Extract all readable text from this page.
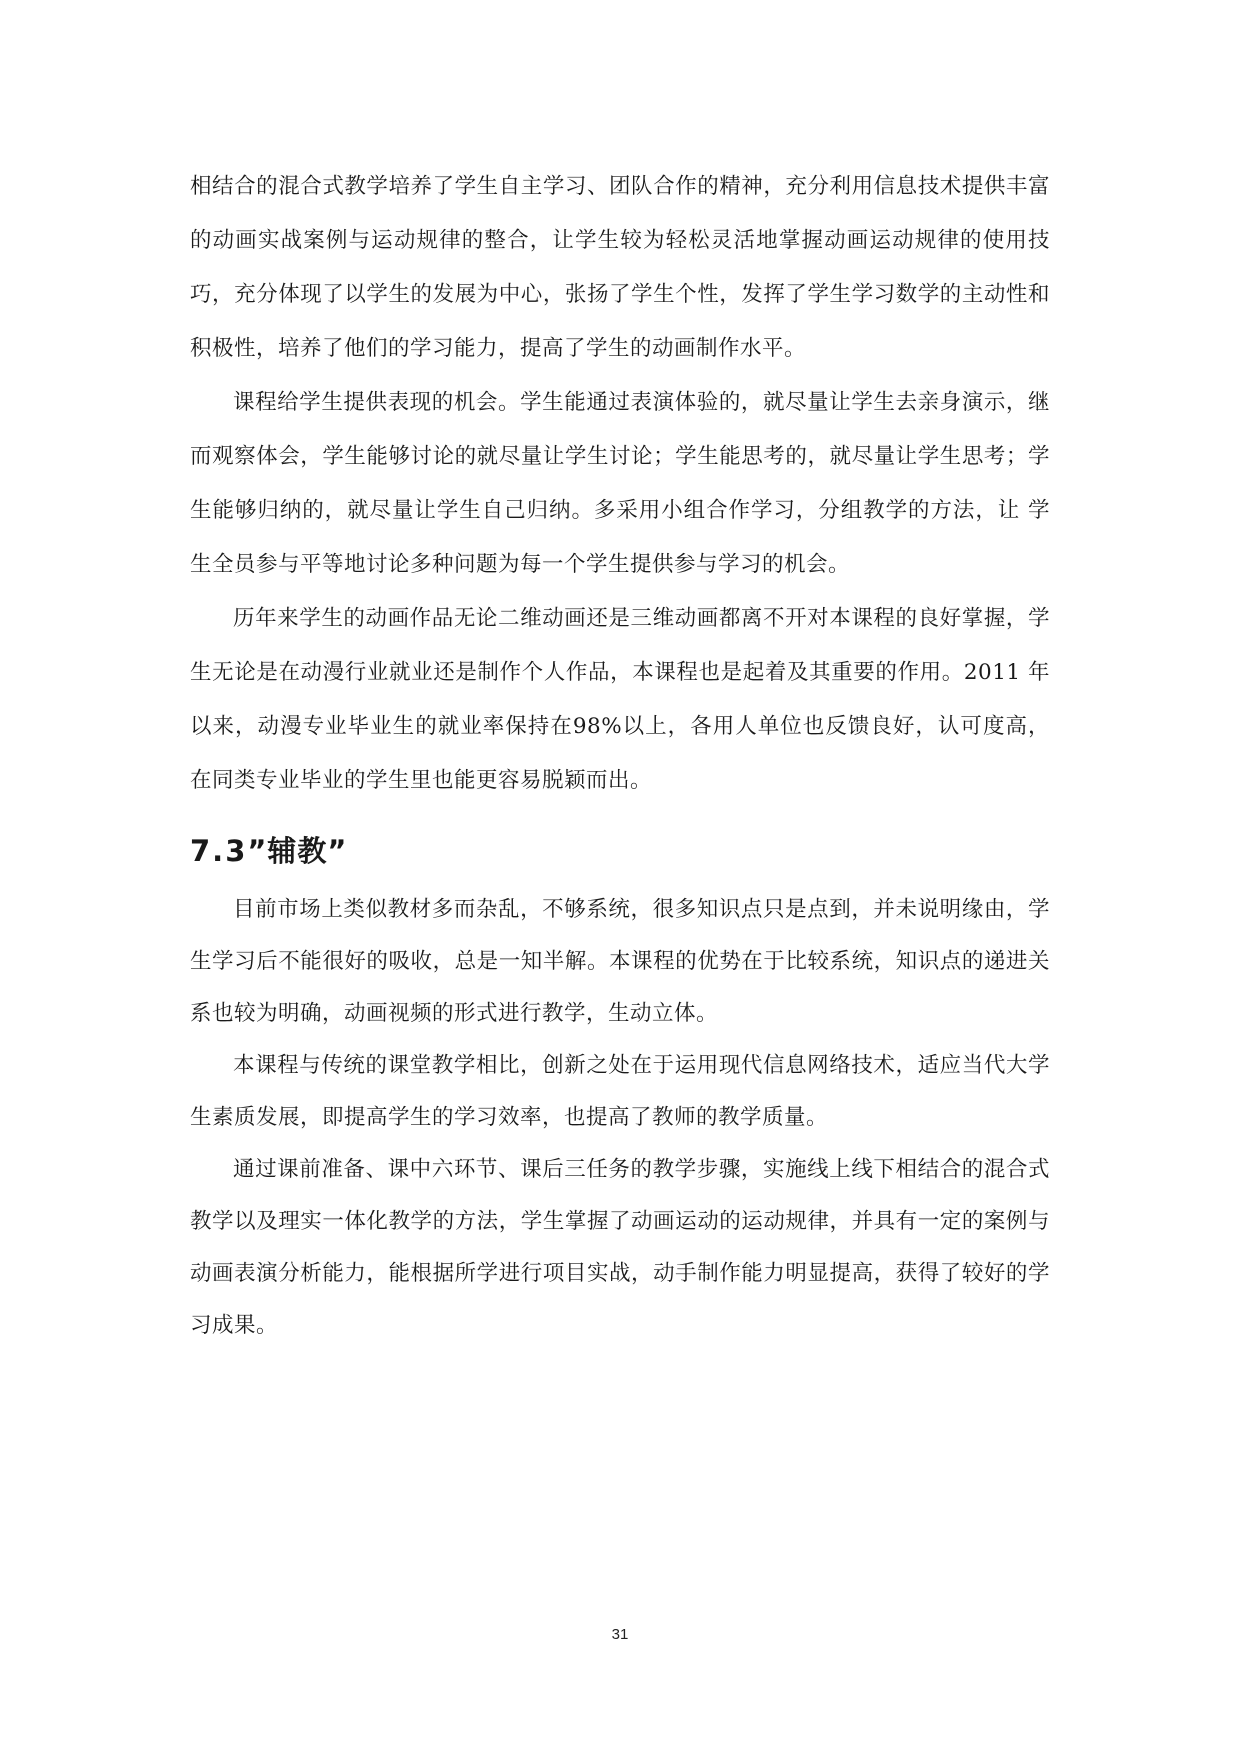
相结合的混合式教学培养了学生自主学习、团队合作的精神，充分利用信息技术提供丰富的动画实战案例与运动规律的整合，让学生较为轻松灵活地掌握动画运动规律的使用技巧，充分体现了以学生的发展为中心，张扬了学生个性，发挥了学生学习数学的主动性和积极性，培养了他们的学习能力，提高了学生的动画制作水平。

课程给学生提供表现的机会。学生能通过表演体验的，就尽量让学生去亲身演示，继而观察体会，学生能够讨论的就尽量让学生讨论；学生能思考的，就尽量让学生思考；学生能够归纳的，就尽量让学生自己归纳。多采用小组合作学习，分组教学的方法，让 学生全员参与平等地讨论多种问题为每一个学生提供参与学习的机会。

历年来学生的动画作品无论二维动画还是三维动画都离不开对本课程的良好掌握，学生无论是在动漫行业就业还是制作个人作品，本课程也是起着及其重要的作用。2011 年以来，动漫专业毕业生的就业率保持在98%以上，各用人单位也反馈良好，认可度高，在同类专业毕业的学生里也能更容易脱颖而出。

7.3”辅教”

目前市场上类似教材多而杂乱，不够系统，很多知识点只是点到，并未说明缘由，学生学习后不能很好的吸收，总是一知半解。本课程的优势在于比较系统，知识点的递进关系也较为明确，动画视频的形式进行教学，生动立体。

本课程与传统的课堂教学相比，创新之处在于运用现代信息网络技术，适应当代大学生素质发展，即提高学生的学习效率，也提高了教师的教学质量。

通过课前准备、课中六环节、课后三任务的教学步骤，实施线上线下相结合的混合式教学以及理实一体化教学的方法，学生掌握了动画运动的运动规律，并具有一定的案例与动画表演分析能力，能根据所学进行项目实战，动手制作能力明显提高，获得了较好的学习成果。

31
